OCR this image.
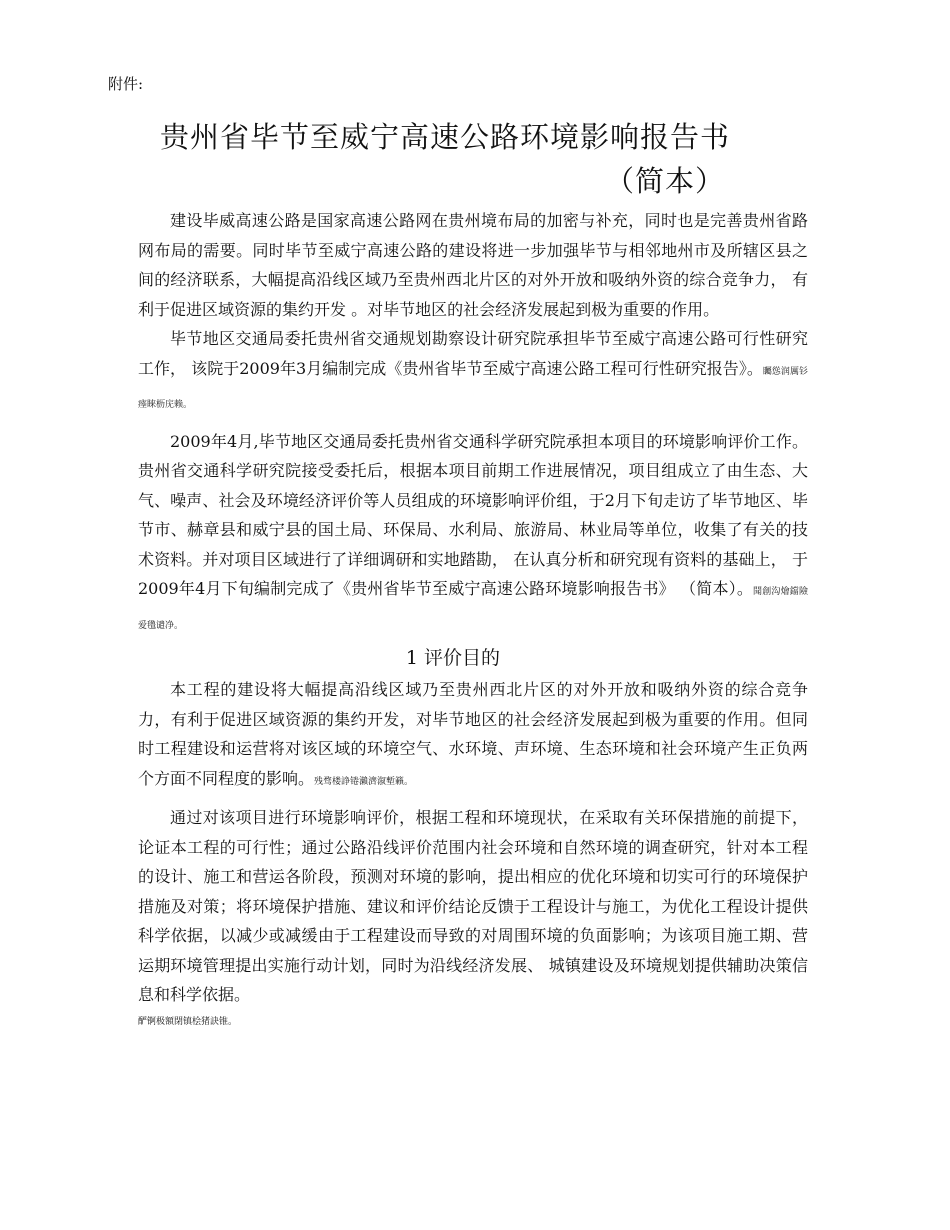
附件:
贵州省毕节至威宁高速公路环境影响报告书
（简本）

建设毕威高速公路是国家高速公路网在贵州境布局的加密与补充，同时也是完善贵州省路网布局的需要。同时毕节至威宁高速公路的建设将进一步加强毕节与相邻地州市及所辖区县之间的经济联系，大幅提高沿线区域乃至贵州西北片区的对外开放和吸纳外资的综合竞争力， 有利于促进区域资源的集约开发 。对毕节地区的社会经济发展起到极为重要的作用。

毕节地区交通局委托贵州省交通规划勘察设计研究院承担毕节至威宁高速公路可行性研究工作， 该院于2009年3月编制完成《贵州省毕节至威宁高速公路工程可行性研究报告》。矚慫润厲钐瘗睞枥庑赖。

2009年4月,毕节地区交通局委托贵州省交通科学研究院承担本项目的环境影响评价工作。贵州省交通科学研究院接受委托后，根据本项目前期工作进展情况，项目组成立了由生态、大气、噪声、社会及环境经济评价等人员组成的环境影响评价组，于2月下旬走访了毕节地区、毕节市、赫章县和威宁县的国土局、环保局、水利局、旅游局、林业局等单位，收集了有关的技术资料。并对项目区域进行了详细调研和实地踏勘， 在认真分析和研究现有资料的基础上， 于2009年4月下旬编制完成了《贵州省毕节至威宁高速公路环境影响报告书》 （简本）。聞創沟燴鐺險爱氇谴净。

1 评价目的

本工程的建设将大幅提高沿线区域乃至贵州西北片区的对外开放和吸纳外资的综合竞争力，有利于促进区域资源的集约开发，对毕节地区的社会经济发展起到极为重要的作用。但同时工程建设和运营将对该区域的环境空气、水环境、声环境、生态环境和社会环境产生正负两个方面不同程度的影响。残骛楼諍锩瀨濟溆塹籟。

通过对该项目进行环境影响评价，根据工程和环境现状，在采取有关环保措施的前提下，论证本工程的可行性；通过公路沿线评价范围内社会环境和自然环境的调查研究，针对本工程的设计、施工和营运各阶段，预测对环境的影响，提出相应的优化环境和切实可行的环境保护措施及对策；将环境保护措施、建议和评价结论反馈于工程设计与施工，为优化工程设计提供科学依据，以减少或减缓由于工程建设而导致的对周围环境的负面影响；为该项目施工期、营运期环境管理提出实施行动计划，同时为沿线经济发展、 城镇建设及环境规划提供辅助决策信息和科学依据。
酽锕极額閉镇桧猪訣锥。
